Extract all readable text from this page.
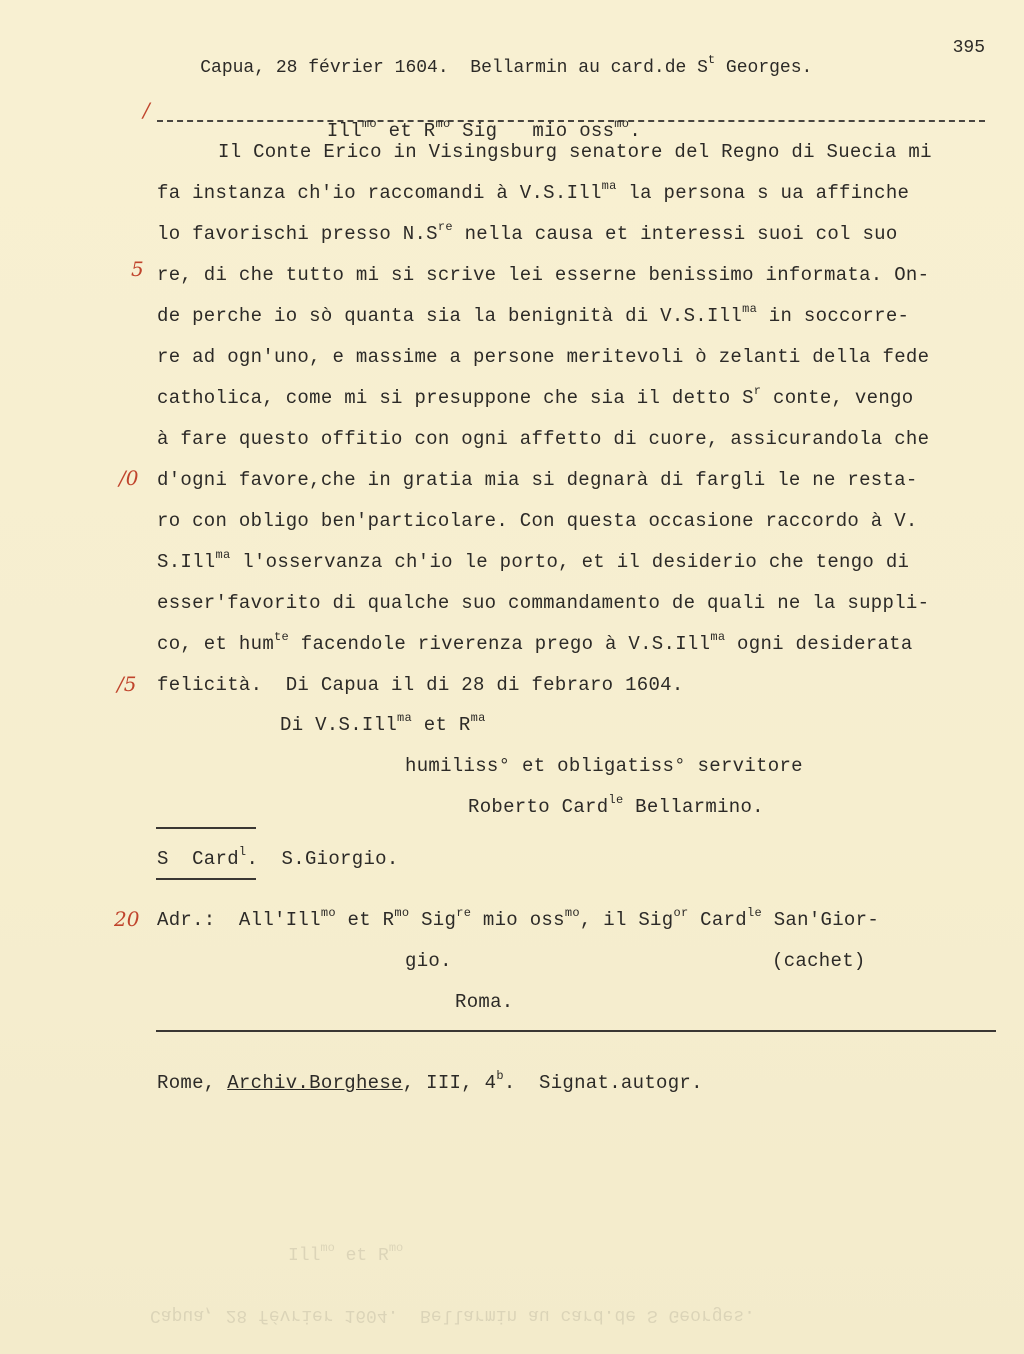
Capua, 28 février 1604.  Bellarmin au card.de $S^t$ Georges.

395

/
5
/0
/5
20

Ill$^{mo}$ et $R^{mo}$ Sig   mio oss$^{mo}$.

Il Conte Erico in Visingsburg senatore del Regno di Suecia mi
fa instanza ch'io raccomandi à V.S.Ill$^{ma}$ la persona s ua affinche
lo favorischi presso $N.S^{re}$ nella causa et interessi suoi col suo
re, di che tutto mi si scrive lei esserne benissimo informata. On-
de perche io sò quanta sia la benignità di V.S.Ill$^{ma}$ in soccorre-
re ad ogn'uno, e massime a persone meritevoli ò zelanti della fede
catholica, come mi si presuppone che sia il detto $S^r$ conte, vengo
à fare questo offitio con ogni affetto di cuore, assicurandola che
d'ogni favore,che in gratia mia si degnarà di fargli le ne resta-
ro con obligo ben'particolare. Con questa occasione raccordo à V.
S.Ill$^{ma}$ l'osservanza ch'io le porto, et il desiderio che tengo di
esser'favorito di qualche suo commandamento de quali ne la suppli-
co, et hum$^{te}$ facendole riverenza prego à V.S.Ill$^{ma}$ ogni desiderata
felicità.  Di Capua il di 28 di febraro 1604.
Di V.S.Ill$^{ma}$ et $R^{ma}$
humiliss° et obligatiss° servitore
Roberto Card$^{le}$ Bellarmino.
S  Card$^l$.  S.Giorgio.
Adr.:  All'Ill$^{mo}$ et $R^{mo}$ Sig$^{re}$ mio oss$^{mo}$, il Sig$^{or}$ Card$^{le}$ San'Gior-
gio.	(cachet)
Roma.
Rome, Archiv.Borghese, III, 4$^b$.  Signat.autogr.
Ill$^{mo}$ et $R^{mo}$
Capua, 28 février 1604.  Bellarmin au card.de S Georges.
